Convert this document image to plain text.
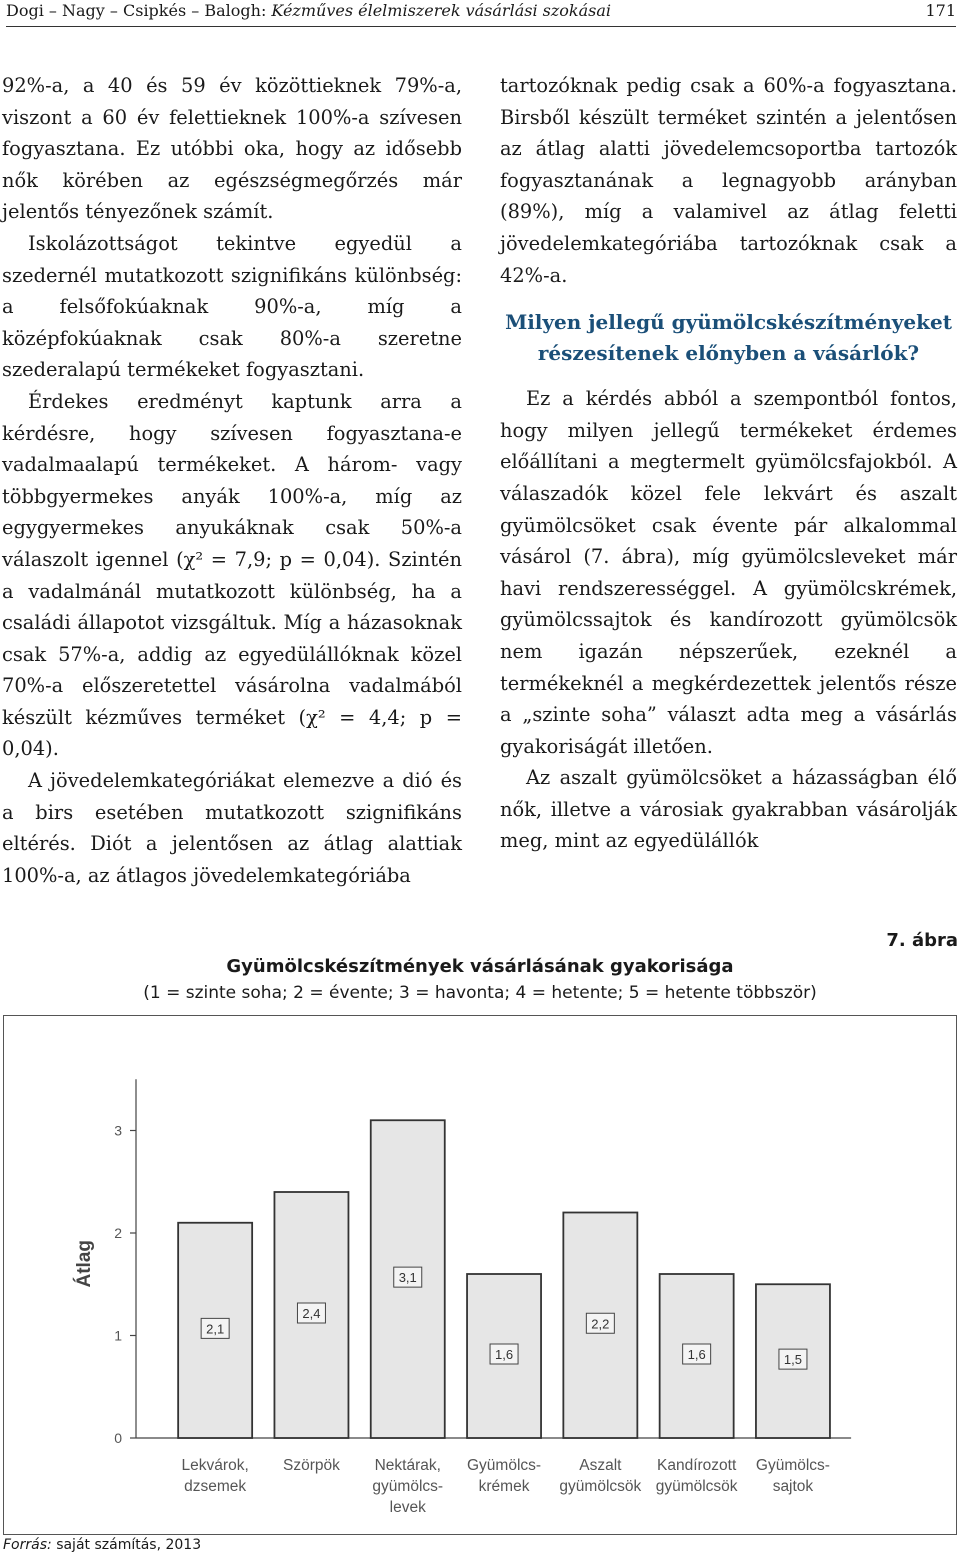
Dogi – Nagy – Csipkés – Balogh: Kézműves élelmiszerek vásárlási szokásai	171

92%-a, a 40 és 59 év közöttieknek 79%-a, viszont a 60 év felettieknek 100%-a szívesen fogyasztana. Ez utóbbi oka, hogy az idősebb nők körében az egészségmegőrzés már jelentős tényezőnek számít.

Iskolázottságot tekintve egyedül a szedernél mutatkozott szignifikáns különbség: a felsőfokúaknak 90%-a, míg a középfokúaknak csak 80%-a szeretne szederalapú termékeket fogyasztani.

Érdekes eredményt kaptunk arra a kérdésre, hogy szívesen fogyasztana-e vadalmaalapú termékeket. A három- vagy többgyermekes anyák 100%-a, míg az egygyermekes anyukáknak csak 50%-a válaszolt igennel (χ² = 7,9; p = 0,04). Szintén a vadalmánál mutatkozott különbség, ha a családi állapotot vizsgáltuk. Míg a házasoknak csak 57%-a, addig az egyedülállóknak közel 70%-a előszeretettel vásárolna vadalmából készült kézműves terméket (χ² = 4,4; p = 0,04).

A jövedelemkategóriákat elemezve a dió és a birs esetében mutatkozott szignifikáns eltérés. Diót a jelentősen az átlag alattiak 100%-a, az átlagos jövedelemkategóriába

tartozóknak pedig csak a 60%-a fogyasztana. Birsből készült terméket szintén a jelentősen az átlag alatti jövedelemcsoportba tartozók fogyasztanának a legnagyobb arányban (89%), míg a valamivel az átlag feletti jövedelemkategóriába tartozóknak csak a 42%-a.

Milyen jellegű gyümölcskészítményeket részesítenek előnyben a vásárlók?

Ez a kérdés abból a szempontból fontos, hogy milyen jellegű termékeket érdemes előállítani a megtermelt gyümölcsfajokból. A válaszadók közel fele lekvárt és aszalt gyümölcsöket csak évente pár alkalommal vásárol (7. ábra), míg gyümölcsleveket már havi rendszerességgel. A gyümölcskrémek, gyümölcssajtok és kandírozott gyümölcsök nem igazán népszerűek, ezeknél a termékeknél a megkérdezettek jelentős része a „szinte soha” választ adta meg a vásárlás gyakoriságát illetően.

Az aszalt gyümölcsöket a házasságban élő nők, illetve a városiak gyakrabban vásárolják meg, mint az egyedülállók

7. ábra
Gyümölcskészítmények vásárlásának gyakorisága
(1 = szinte soha; 2 = évente; 3 = havonta; 4 = hetente; 5 = hetente többször)
0
1
2
3
Átlag
2,1
Lekvárok,
dzsemek
2,4
Szörpök
3,1
Nektárak,
gyümölcs-
levek
1,6
Gyümölcs-
krémek
2,2
Aszalt
gyümölcsök
1,6
Kandírozott
gyümölcsök
1,5
Gyümölcs-
sajtok
Forrás: saját számítás, 2013
